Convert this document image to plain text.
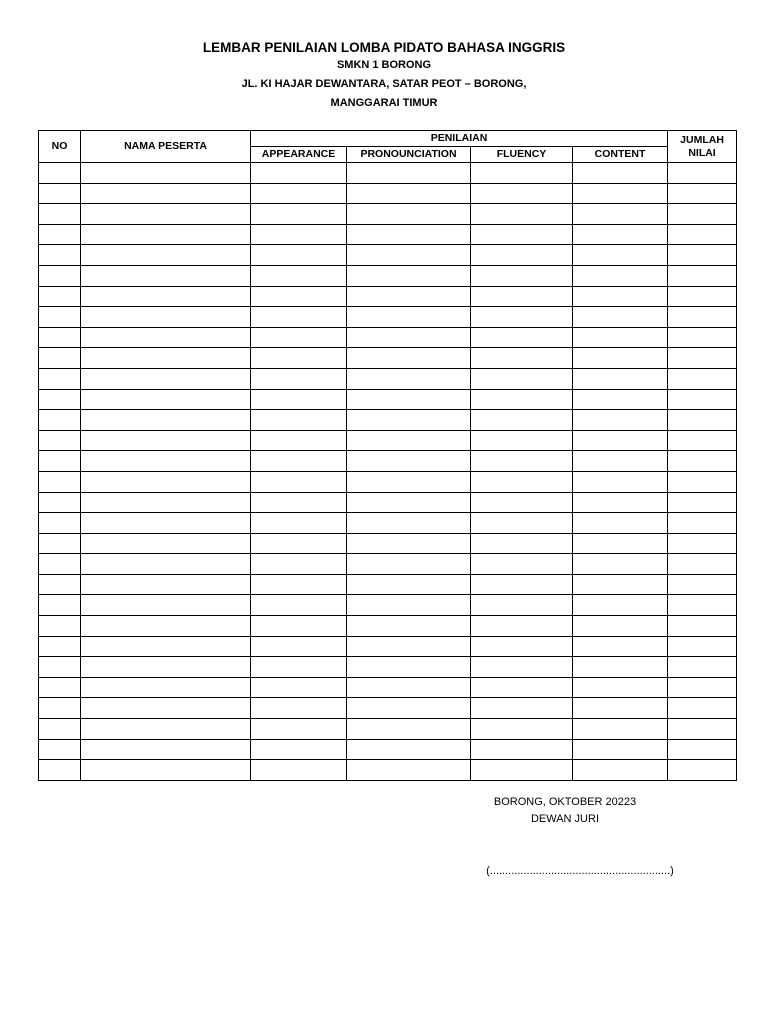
LEMBAR PENILAIAN LOMBA PIDATO BAHASA INGGRIS
SMKN 1 BORONG
JL. KI HAJAR DEWANTARA, SATAR PEOT – BORONG,
MANGGARAI TIMUR
NO	NAMA PESERTA	PENILAIAN				JUMLAH
NILAI

		APPEARANCE	PRONOUNCIATION	FLUENCY	CONTENT	

BORONG, OKTOBER 20223
DEWAN JURI
(...........................................................)
